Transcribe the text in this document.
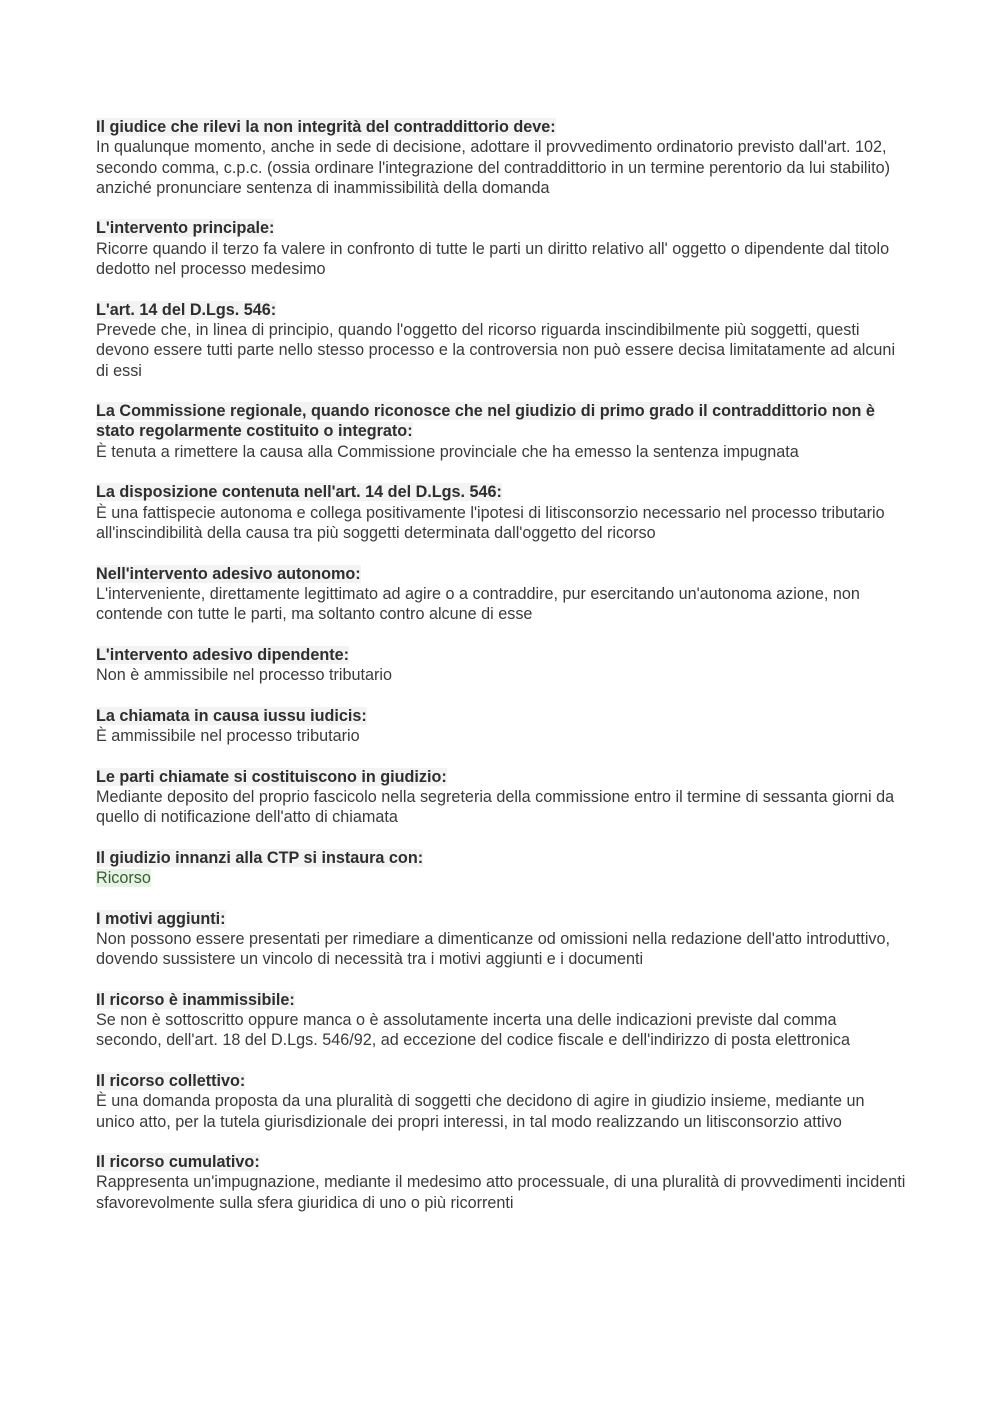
Il giudice che rilevi la non integrità del contraddittorio deve:
In qualunque momento, anche in sede di decisione, adottare il provvedimento ordinatorio previsto dall'art. 102, secondo comma, c.p.c. (ossia ordinare l'integrazione del contraddittorio in un termine perentorio da lui stabilito) anziché pronunciare sentenza di inammissibilità della domanda
L'intervento principale:
Ricorre quando il terzo fa valere in confronto di tutte le parti un diritto relativo all' oggetto o dipendente dal titolo dedotto nel processo medesimo
L'art. 14 del D.Lgs. 546:
Prevede che, in linea di principio, quando l'oggetto del ricorso riguarda inscindibilmente più soggetti, questi devono essere tutti parte nello stesso processo e la controversia non può essere decisa limitatamente ad alcuni di essi
La Commissione regionale, quando riconosce che nel giudizio di primo grado il contraddittorio non è stato regolarmente costituito o integrato:
È tenuta a rimettere la causa alla Commissione provinciale che ha emesso la sentenza impugnata
La disposizione contenuta nell'art. 14 del D.Lgs. 546:
È una fattispecie autonoma e collega positivamente l'ipotesi di litisconsorzio necessario nel processo tributario all'inscindibilità della causa tra più soggetti determinata dall'oggetto del ricorso
Nell'intervento adesivo autonomo:
L'interveniente, direttamente legittimato ad agire o a contraddire, pur esercitando un'autonoma azione, non contende con tutte le parti, ma soltanto contro alcune di esse
L'intervento adesivo dipendente:
Non è ammissibile nel processo tributario
La chiamata in causa iussu iudicis:
È ammissibile nel processo tributario
Le parti chiamate si costituiscono in giudizio:
Mediante deposito del proprio fascicolo nella segreteria della commissione entro il termine di sessanta giorni da quello di notificazione dell'atto di chiamata
Il giudizio innanzi alla CTP si instaura con:
Ricorso
I motivi aggiunti:
Non possono essere presentati per rimediare a dimenticanze od omissioni nella redazione dell'atto introduttivo, dovendo sussistere un vincolo di necessità tra i motivi aggiunti e i documenti
Il ricorso è inammissibile:
Se non è sottoscritto oppure manca o è assolutamente incerta una delle indicazioni previste dal comma secondo, dell'art. 18 del D.Lgs. 546/92, ad eccezione del codice fiscale e dell'indirizzo di posta elettronica
Il ricorso collettivo:
È una domanda proposta da una pluralità di soggetti che decidono di agire in giudizio insieme, mediante un unico atto, per la tutela giurisdizionale dei propri interessi, in tal modo realizzando un litisconsorzio attivo
Il ricorso cumulativo:
Rappresenta un'impugnazione, mediante il medesimo atto processuale, di una pluralità di provvedimenti incidenti sfavorevolmente sulla sfera giuridica di uno o più ricorrenti
